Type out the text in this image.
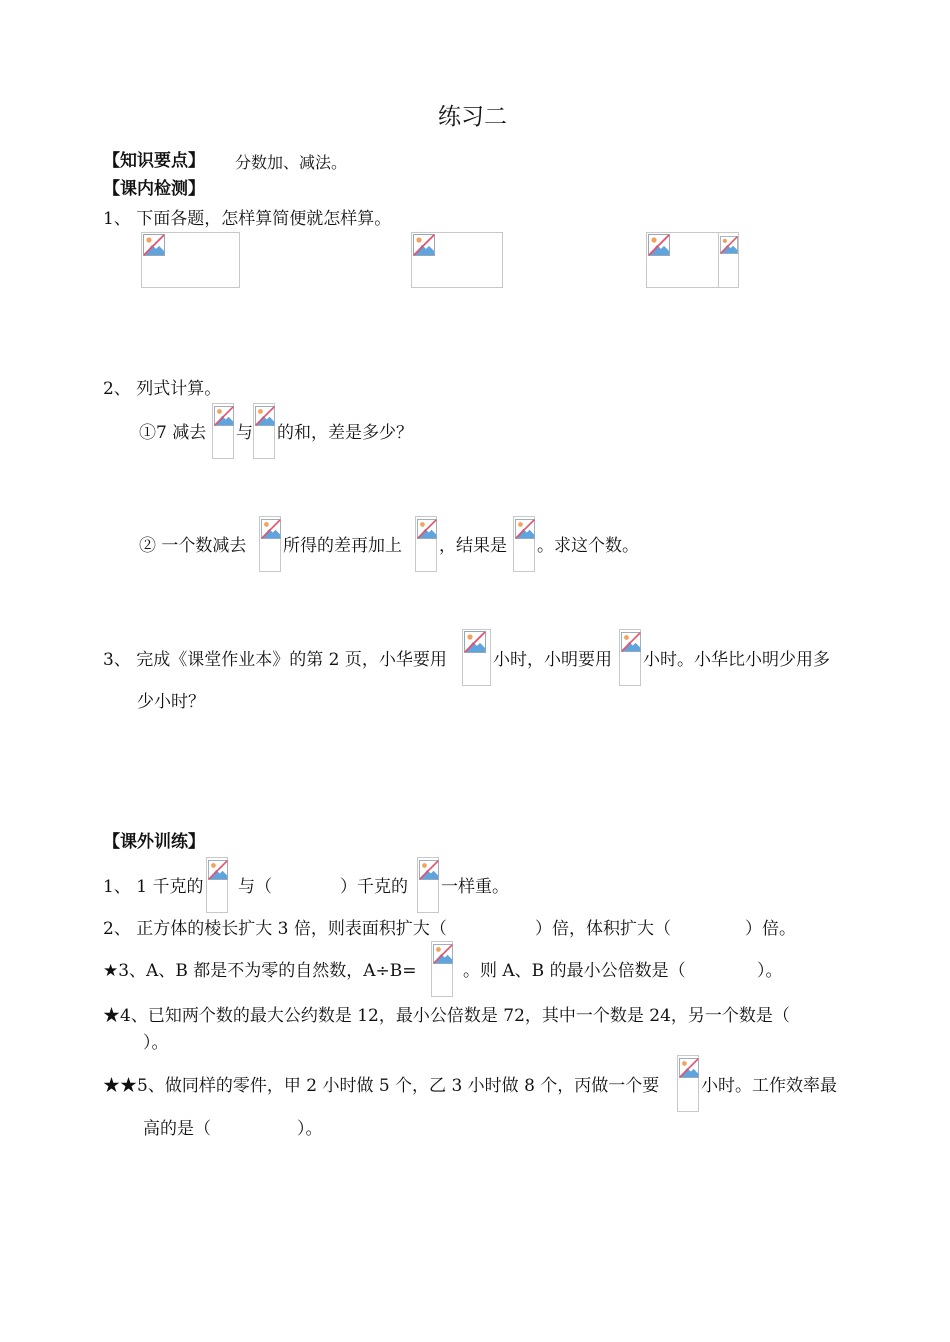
练习二
【知识要点】 分数加、减法。
【课内检测】
1、 下面各题，怎样算简便就怎样算。
2、 列式计算。
①7 减去 与 的和，差是多少？
② 一个数减去 所得的差再加上 ，结果是 。求这个数。
3、 完成《课堂作业本》的第 2 页，小华要用	小时，小明要用 小时。小华比小明少用多
少小时？
【课外训练】
1、 1 千克的 与（	）千克的 一样重。
2、 正方体的棱长扩大 3 倍，则表面积扩大（	）倍，体积扩大（	）倍。
★3、A、B 都是不为零的自然数，A÷B=	。则 A、B 的最小公倍数是（	）。
★4、已知两个数的最大公约数是 12，最小公倍数是 72，其中一个数是 24，另一个数是（
）。
★★5、做同样的零件，甲 2 小时做 5 个，乙 3 小时做 8 个，丙做一个要 小时。工作效率最
高的是（	）。
